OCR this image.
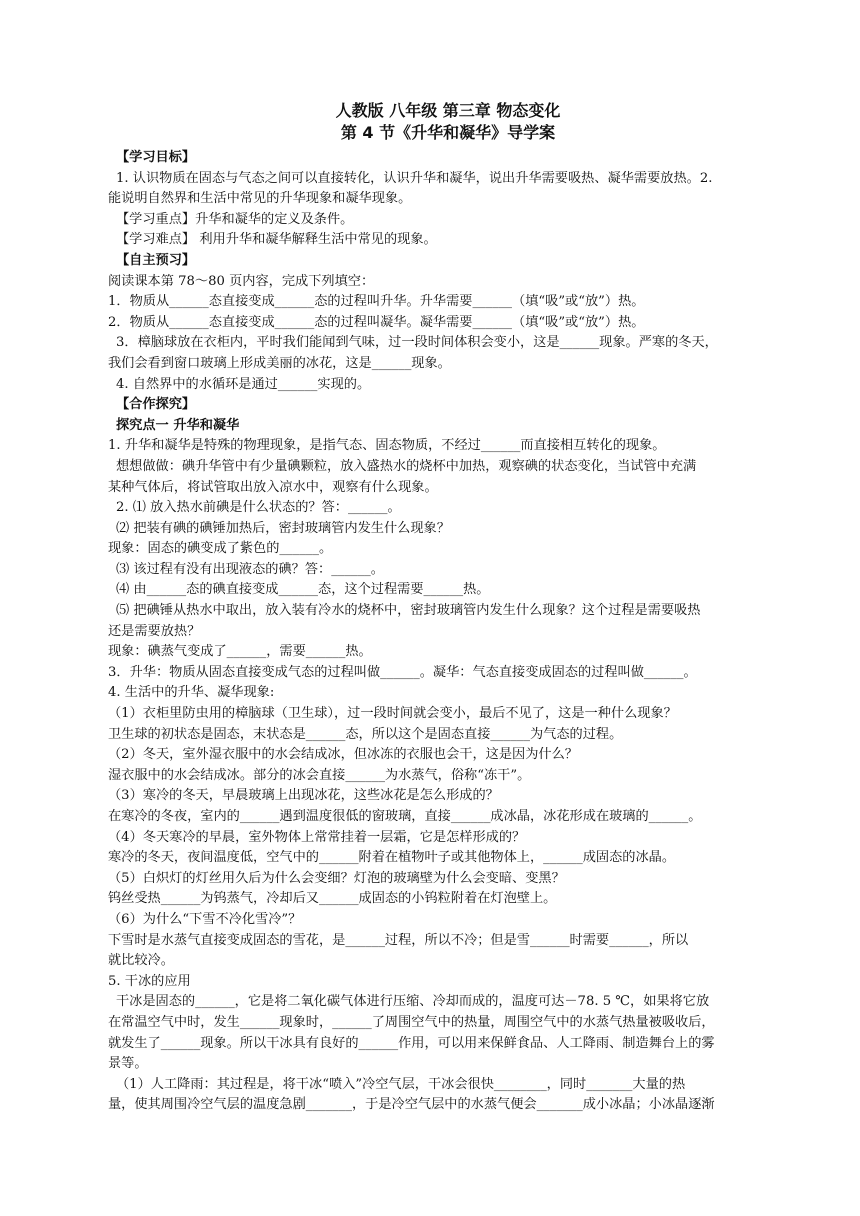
人教版 八年级 第三章 物态变化
第 4 节《升华和凝华》导学案
【学习目标】
1. 认识物质在固态与气态之间可以直接转化，认识升华和凝华，说出升华需要吸热、凝华需要放热。2.
能说明自然界和生活中常见的升华现象和凝华现象。
【学习重点】升华和凝华的定义及条件。
【学习难点】 利用升华和凝华解释生活中常见的现象。
【自主预习】
阅读课本第 78～80 页内容，完成下列填空：
1．物质从______态直接变成______态的过程叫升华。升华需要______（填“吸”或“放”）热。
2．物质从______态直接变成______态的过程叫凝华。凝华需要______（填“吸”或“放”）热。
3．樟脑球放在衣柜内，平时我们能闻到气味，过一段时间体积会变小，这是______现象。严寒的冬天，
我们会看到窗口玻璃上形成美丽的冰花，这是______现象。
4. 自然界中的水循环是通过______实现的。
【合作探究】
探究点一 升华和凝华
1. 升华和凝华是特殊的物理现象，是指气态、固态物质，不经过______而直接相互转化的现象。
想想做做：碘升华管中有少量碘颗粒，放入盛热水的烧杯中加热，观察碘的状态变化，当试管中充满
某种气体后，将试管取出放入凉水中，观察有什么现象。
2. ⑴ 放入热水前碘是什么状态的？答：______。
⑵ 把装有碘的碘锤加热后，密封玻璃管内发生什么现象？
现象：固态的碘变成了紫色的______。
⑶ 该过程有没有出现液态的碘？答：______。
⑷ 由______态的碘直接变成______态，这个过程需要______热。
⑸ 把碘锤从热水中取出，放入装有冷水的烧杯中，密封玻璃管内发生什么现象？这个过程是需要吸热
还是需要放热？
现象：碘蒸气变成了______，需要______热。
3．升华：物质从固态直接变成气态的过程叫做______。凝华：气态直接变成固态的过程叫做______。
4. 生活中的升华、凝华现象:
（1）衣柜里防虫用的樟脑球（卫生球），过一段时间就会变小，最后不见了，这是一种什么现象？
卫生球的初状态是固态，末状态是______态，所以这个是固态直接______为气态的过程。
（2）冬天，室外湿衣服中的水会结成冰，但冰冻的衣服也会干，这是因为什么？
湿衣服中的水会结成冰。部分的冰会直接______为水蒸气，俗称“冻干”。
（3）寒冷的冬天，早晨玻璃上出现冰花，这些冰花是怎么形成的？
在寒冷的冬夜，室内的______遇到温度很低的窗玻璃，直接______成冰晶，冰花形成在玻璃的______。
（4）冬天寒冷的早晨，室外物体上常常挂着一层霜，它是怎样形成的？
寒冷的冬天，夜间温度低，空气中的______附着在植物叶子或其他物体上，______成固态的冰晶。
（5）白炽灯的灯丝用久后为什么会变细？灯泡的玻璃壁为什么会变暗、变黑？
钨丝受热______为钨蒸气，冷却后又______成固态的小钨粒附着在灯泡壁上。
（6）为什么“下雪不冷化雪冷”？
下雪时是水蒸气直接变成固态的雪花，是______过程，所以不冷；但是雪______时需要______，所以
就比较冷。
5. 干冰的应用
干冰是固态的______，它是将二氧化碳气体进行压缩、冷却而成的，温度可达－78. 5 ℃，如果将它放
在常温空气中时，发生______现象时，______了周围空气中的热量，周围空气中的水蒸气热量被吸收后，
就发生了______现象。所以干冰具有良好的______作用，可以用来保鲜食品、人工降雨、制造舞台上的雾
景等。
（1）人工降雨：其过程是，将干冰“喷入”冷空气层，干冰会很快________，同时_______大量的热
量，使其周围冷空气层的温度急剧_______，于是冷空气层中的水蒸气便会_______成小冰晶；小冰晶逐渐
